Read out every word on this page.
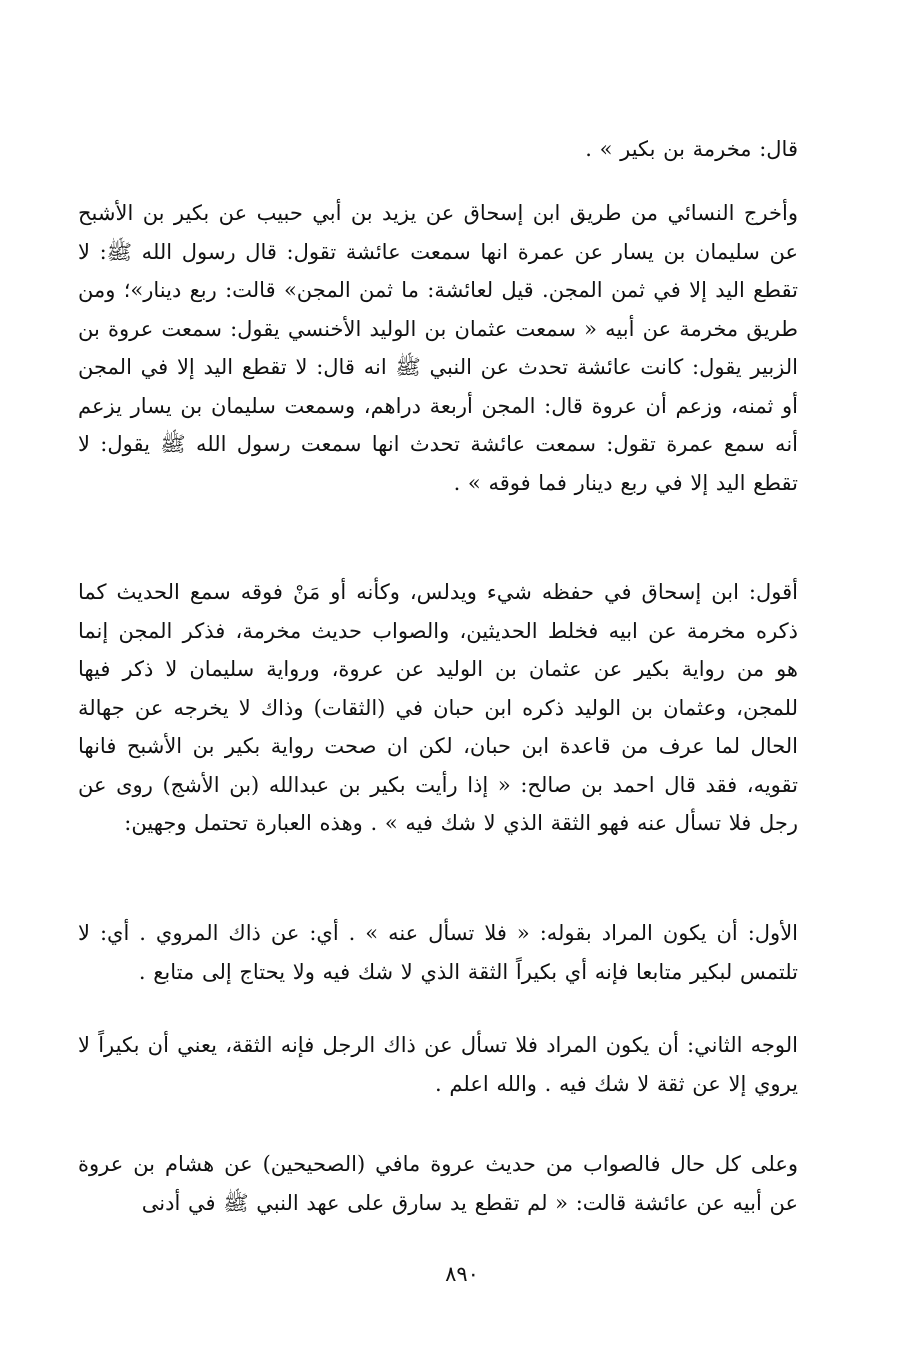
قال: مخرمة بن بكير » .

وأخرج النسائي من طريق ابن إسحاق عن يزيد بن أبي حبيب عن بكير بن الأشبح عن سليمان بن يسار عن عمرة انها سمعت عائشة تقول: قال رسول الله ﷺ: لا تقطع اليد إلا في ثمن المجن. قيل لعائشة: ما ثمن المجن» قالت: ربع دينار»؛ ومن طريق مخرمة عن أبيه « سمعت عثمان بن الوليد الأخنسي يقول: سمعت عروة بن الزبير يقول: كانت عائشة تحدث عن النبي ﷺ انه قال: لا تقطع اليد إلا في المجن أو ثمنه، وزعم أن عروة قال: المجن أربعة دراهم، وسمعت سليمان بن يسار يزعم أنه سمع عمرة تقول: سمعت عائشة تحدث انها سمعت رسول الله ﷺ يقول: لا تقطع اليد إلا في ربع دينار فما فوقه » .

أقول: ابن إسحاق في حفظه شيء ويدلس، وكأنه أو مَنْ فوقه سمع الحديث كما ذكره مخرمة عن ابيه فخلط الحديثين، والصواب حديث مخرمة، فذكر المجن إنما هو من رواية بكير عن عثمان بن الوليد عن عروة، ورواية سليمان لا ذكر فيها للمجن، وعثمان بن الوليد ذكره ابن حبان في (الثقات) وذاك لا يخرجه عن جهالة الحال لما عرف من قاعدة ابن حبان، لكن ان صحت رواية بكير بن الأشبح فانها تقويه، فقد قال احمد بن صالح: « إذا رأيت بكير بن عبدالله (بن الأشج) روى عن رجل فلا تسأل عنه فهو الثقة الذي لا شك فيه » . وهذه العبارة تحتمل وجهين:

الأول: أن يكون المراد بقوله: « فلا تسأل عنه » . أي: عن ذاك المروي . أي: لا تلتمس لبكير متابعا فإنه أي بكيراً الثقة الذي لا شك فيه ولا يحتاج إلى متابع .

الوجه الثاني: أن يكون المراد فلا تسأل عن ذاك الرجل فإنه الثقة، يعني أن بكيراً لا يروي إلا عن ثقة لا شك فيه . والله اعلم .

وعلى كل حال فالصواب من حديث عروة مافي (الصحيحين) عن هشام بن عروة عن أبيه عن عائشة قالت: « لم تقطع يد سارق على عهد النبي ﷺ في أدنى

٨٩٠
